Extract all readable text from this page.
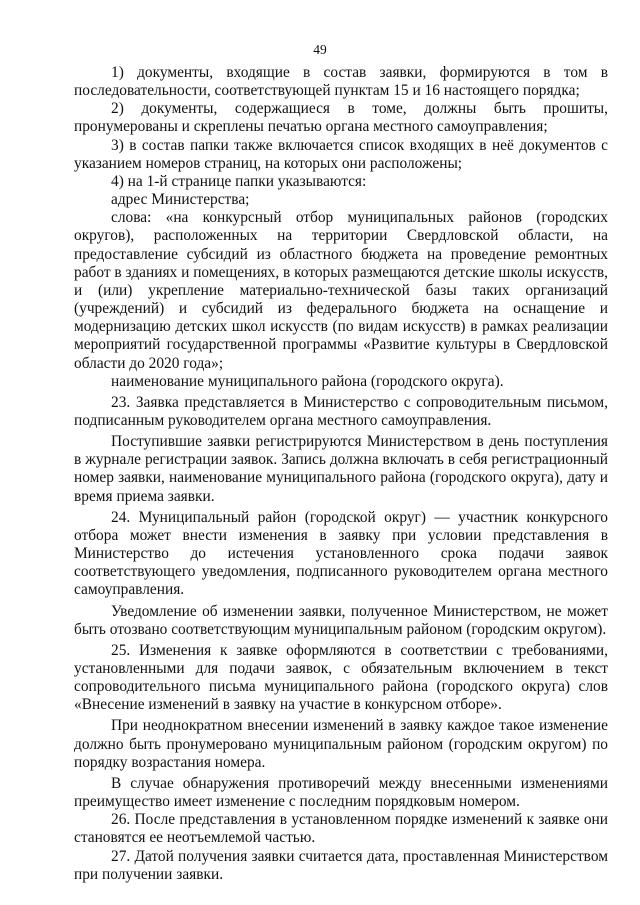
49

1) документы, входящие в состав заявки, формируются в том в последовательности, соответствующей пунктам 15 и 16 настоящего порядка;

2) документы, содержащиеся в томе, должны быть прошиты, пронумерованы и скреплены печатью органа местного самоуправления;

3) в состав папки также включается список входящих в неё документов с указанием номеров страниц, на которых они расположены;

4) на 1-й странице папки указываются:

адрес Министерства;

слова: «на конкурсный отбор муниципальных районов (городских округов), расположенных на территории Свердловской области, на предоставление субсидий из областного бюджета на проведение ремонтных работ в зданиях и помещениях, в которых размещаются детские школы искусств, и (или) укрепление материально-технической базы таких организаций (учреждений) и субсидий из федерального бюджета на оснащение и модернизацию детских школ искусств (по видам искусств) в рамках реализации мероприятий государственной программы «Развитие культуры в Свердловской области до 2020 года»;

наименование муниципального района (городского округа).

23. Заявка представляется в Министерство с сопроводительным письмом, подписанным руководителем органа местного самоуправления.

Поступившие заявки регистрируются Министерством в день поступления в журнале регистрации заявок. Запись должна включать в себя регистрационный номер заявки, наименование муниципального района (городского округа), дату и время приема заявки.

24. Муниципальный район (городской округ) — участник конкурсного отбора может внести изменения в заявку при условии представления в Министерство до истечения установленного срока подачи заявок соответствующего уведомления, подписанного руководителем органа местного самоуправления.

Уведомление об изменении заявки, полученное Министерством, не может быть отозвано соответствующим муниципальным районом (городским округом).

25. Изменения к заявке оформляются в соответствии с требованиями, установленными для подачи заявок, с обязательным включением в текст сопроводительного письма муниципального района (городского округа) слов «Внесение изменений в заявку на участие в конкурсном отборе».

При неоднократном внесении изменений в заявку каждое такое изменение должно быть пронумеровано муниципальным районом (городским округом) по порядку возрастания номера.

В случае обнаружения противоречий между внесенными изменениями преимущество имеет изменение с последним порядковым номером.

26. После представления в установленном порядке изменений к заявке они становятся ее неотъемлемой частью.

27. Датой получения заявки считается дата, проставленная Министерством при получении заявки.
